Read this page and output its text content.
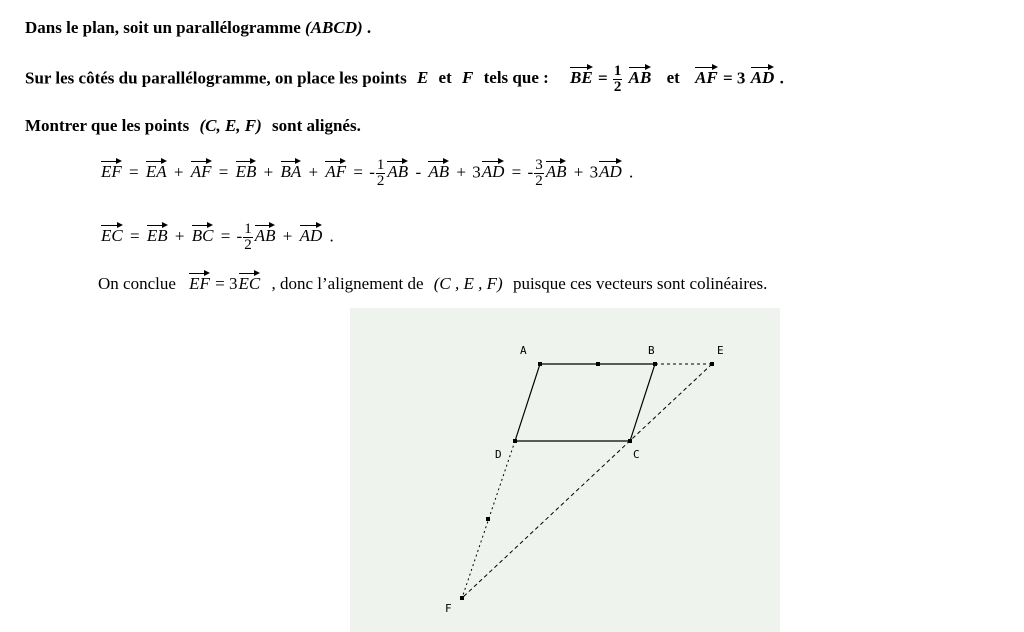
Dans le plan, soit un parallélogramme (ABCD) .
Sur les côtés du parallélogramme, on place les points E et F tels que : BE = $\frac{1}{2}$ AB et AF = 3 AD .
Montrer que les points (C, E, F) sont alignés.
EF = EA + AF = EB + BA + AF = - $\frac{1}{2}$ AB - AB + 3AD = - $\frac{3}{2}$ AB + 3AD .
EC = EB + BC = - $\frac{1}{2}$ AB + AD .
On conclue EF = 3EC , donc l’alignement de (C , E , F) puisque ces vecteurs sont colinéaires.
A	B	E
D	C
F
